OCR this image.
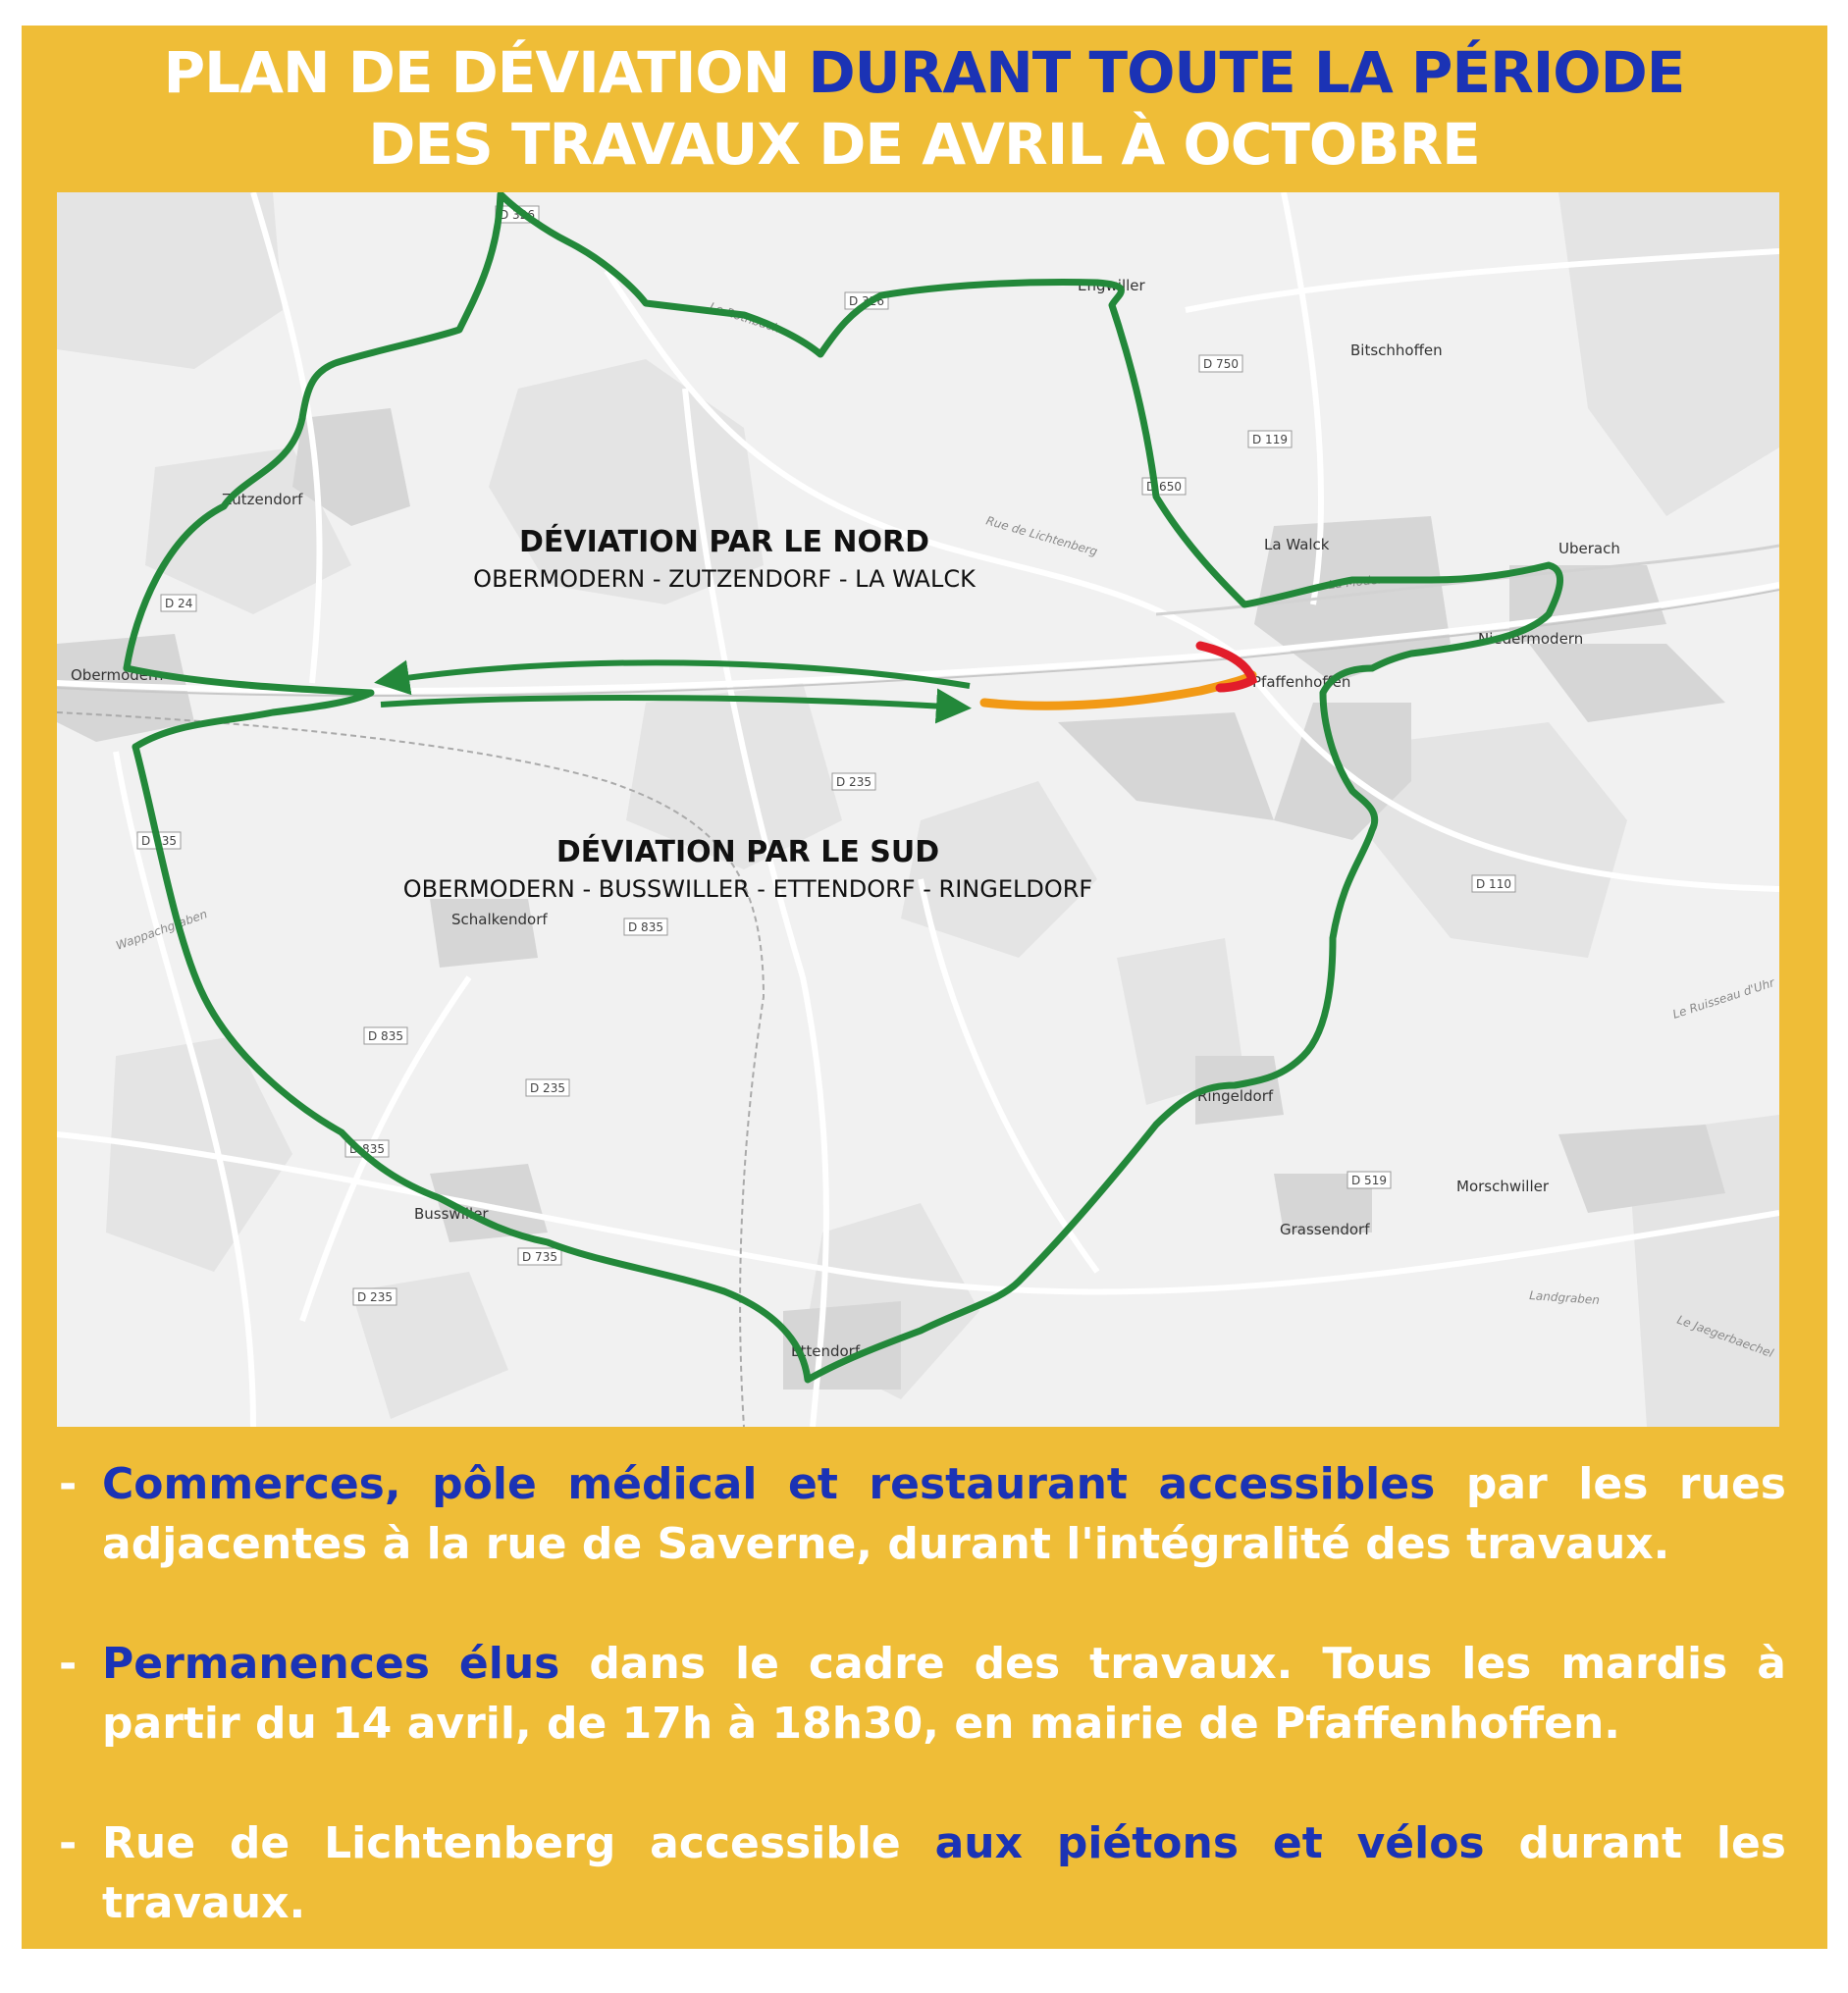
PLAN DE DÉVIATION DURANT TOUTE LA PÉRIODE
DES TRAVAUX DE AVRIL À OCTOBRE
Zutzendorf
Obermodern
Bitschhoffen
La Walck	Uberach
Niedermodern
Pfaffenhoffen
Schalkendorf
Ringeldorf
Morschwiller
Grassendorf
Busswiller
Ettendorf
Engwiller
D 326
D 326
D 750
D 119
D 650
D 235
D 235
D 235
D 835
D 835
D 835
D 835
D 110
D 519
D 735
D 24
Le Rothbach
Rue de Lichtenberg
La Moder
Wappachgraben
Le Ruisseau d'Uhr
Landgraben
Le Jaegerbaechel
DÉVIATION PAR LE NORD
OBERMODERN - ZUTZENDORF - LA WALCK
DÉVIATION PAR LE SUD
OBERMODERN - BUSSWILLER - ETTENDORF - RINGELDORF
- Commerces, pôle médical et restaurant accessibles par les rues adjacentes à la rue de Saverne, durant l'intégralité des travaux.
- Permanences élus dans le cadre des travaux. Tous les mardis à partir du 14 avril, de 17h à 18h30, en mairie de Pfaffenhoffen.
- Rue de Lichtenberg accessible aux piétons et vélos durant les travaux.
